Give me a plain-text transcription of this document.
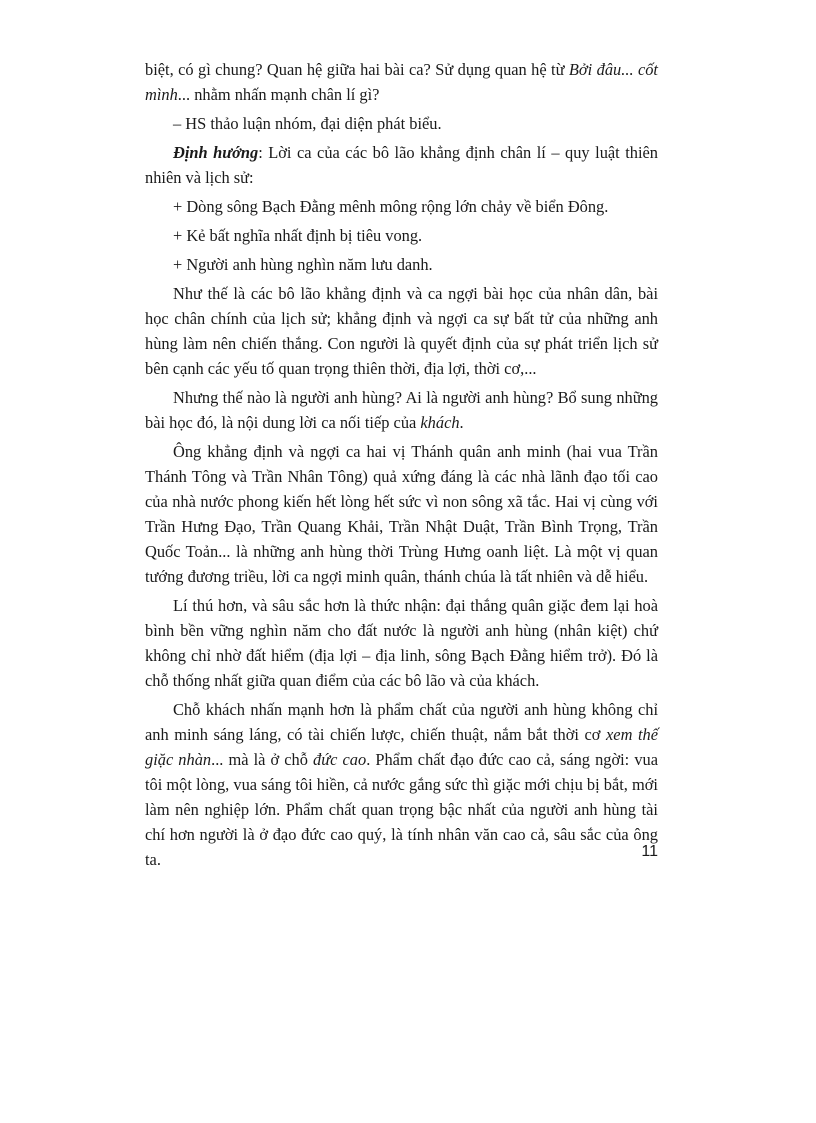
biệt, có gì chung? Quan hệ giữa hai bài ca? Sử dụng quan hệ từ Bởi đâu... cốt mình... nhằm nhấn mạnh chân lí gì?

– HS thảo luận nhóm, đại diện phát biểu.

Định hướng: Lời ca của các bô lão khẳng định chân lí – quy luật thiên nhiên và lịch sử:

+ Dòng sông Bạch Đằng mênh mông rộng lớn chảy về biển Đông.

+ Kẻ bất nghĩa nhất định bị tiêu vong.

+ Người anh hùng nghìn năm lưu danh.

Như thế là các bô lão khẳng định và ca ngợi bài học của nhân dân, bài học chân chính của lịch sử; khẳng định và ngợi ca sự bất tử của những anh hùng làm nên chiến thắng. Con người là quyết định của sự phát triển lịch sử bên cạnh các yếu tố quan trọng thiên thời, địa lợi, thời cơ,...

Nhưng thế nào là người anh hùng? Ai là người anh hùng? Bổ sung những bài học đó, là nội dung lời ca nối tiếp của khách.

Ông khẳng định và ngợi ca hai vị Thánh quân anh minh (hai vua Trần Thánh Tông và Trần Nhân Tông) quả xứng đáng là các nhà lãnh đạo tối cao của nhà nước phong kiến hết lòng hết sức vì non sông xã tắc. Hai vị cùng với Trần Hưng Đạo, Trần Quang Khải, Trần Nhật Duật, Trần Bình Trọng, Trần Quốc Toản... là những anh hùng thời Trùng Hưng oanh liệt. Là một vị quan tướng đương triều, lời ca ngợi minh quân, thánh chúa là tất nhiên và dễ hiểu.

Lí thú hơn, và sâu sắc hơn là thức nhận: đại thắng quân giặc đem lại hoà bình bền vững nghìn năm cho đất nước là người anh hùng (nhân kiệt) chứ không chỉ nhờ đất hiểm (địa lợi – địa linh, sông Bạch Đằng hiểm trở). Đó là chỗ thống nhất giữa quan điểm của các bô lão và của khách.

Chỗ khách nhấn mạnh hơn là phẩm chất của người anh hùng không chỉ anh minh sáng láng, có tài chiến lược, chiến thuật, nắm bắt thời cơ xem thế giặc nhàn... mà là ở chỗ đức cao. Phẩm chất đạo đức cao cả, sáng ngời: vua tôi một lòng, vua sáng tôi hiền, cả nước gắng sức thì giặc mới chịu bị bắt, mới làm nên nghiệp lớn. Phẩm chất quan trọng bậc nhất của người anh hùng tài chí hơn người là ở đạo đức cao quý, là tính nhân văn cao cả, sâu sắc của ông ta.	11
